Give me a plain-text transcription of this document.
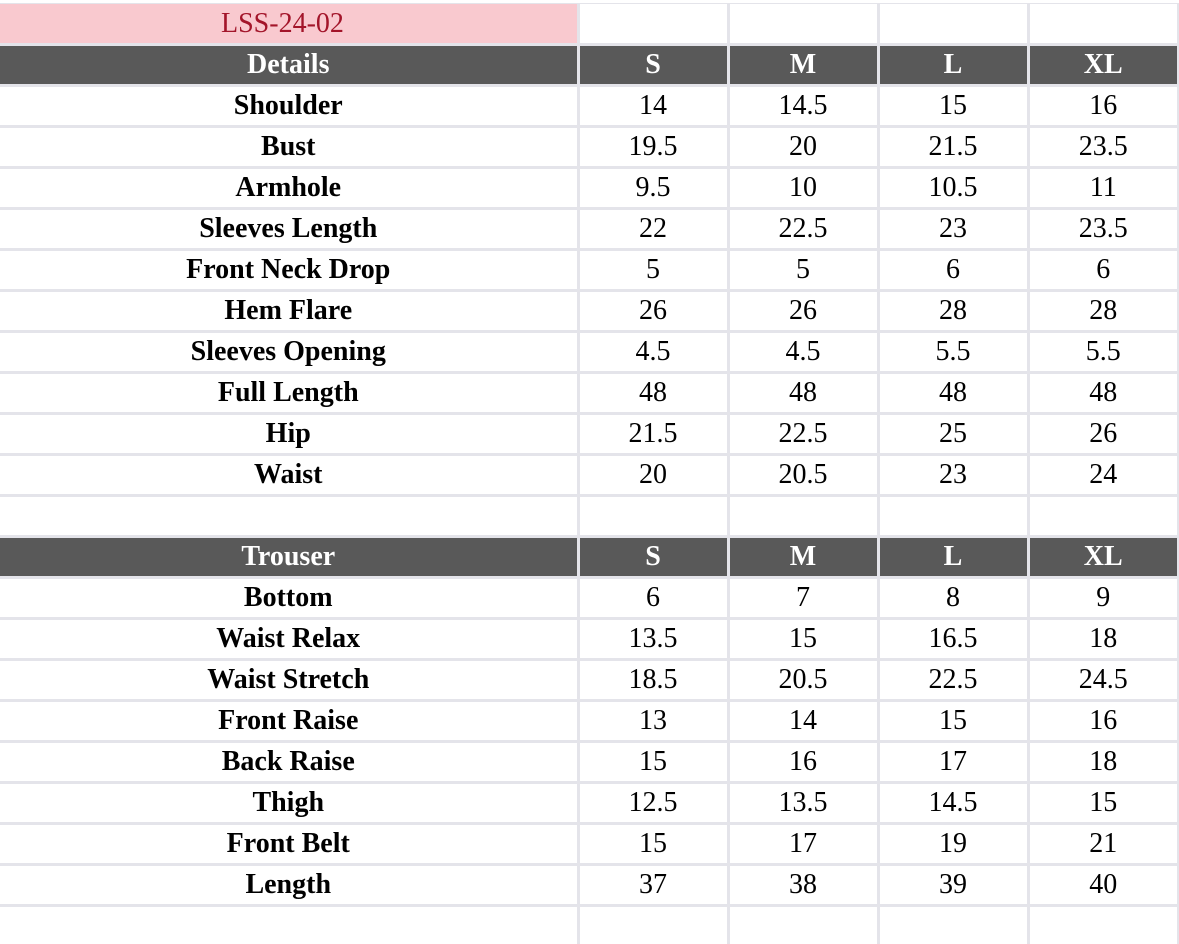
LSS-24-02				
Details	S	M	L	XL
Shoulder	14	14.5	15	16
Bust	19.5	20	21.5	23.5
Armhole	9.5	10	10.5	11
Sleeves Length	22	22.5	23	23.5
Front Neck Drop	5	5	6	6
Hem Flare	26	26	28	28
Sleeves Opening	4.5	4.5	5.5	5.5
Full Length	48	48	48	48
Hip	21.5	22.5	25	26
Waist	20	20.5	23	24

Trouser	S	M	L	XL
Bottom	6	7	8	9
Waist Relax	13.5	15	16.5	18
Waist Stretch	18.5	20.5	22.5	24.5
Front Raise	13	14	15	16
Back Raise	15	16	17	18
Thigh	12.5	13.5	14.5	15
Front Belt	15	17	19	21
Length	37	38	39	40
